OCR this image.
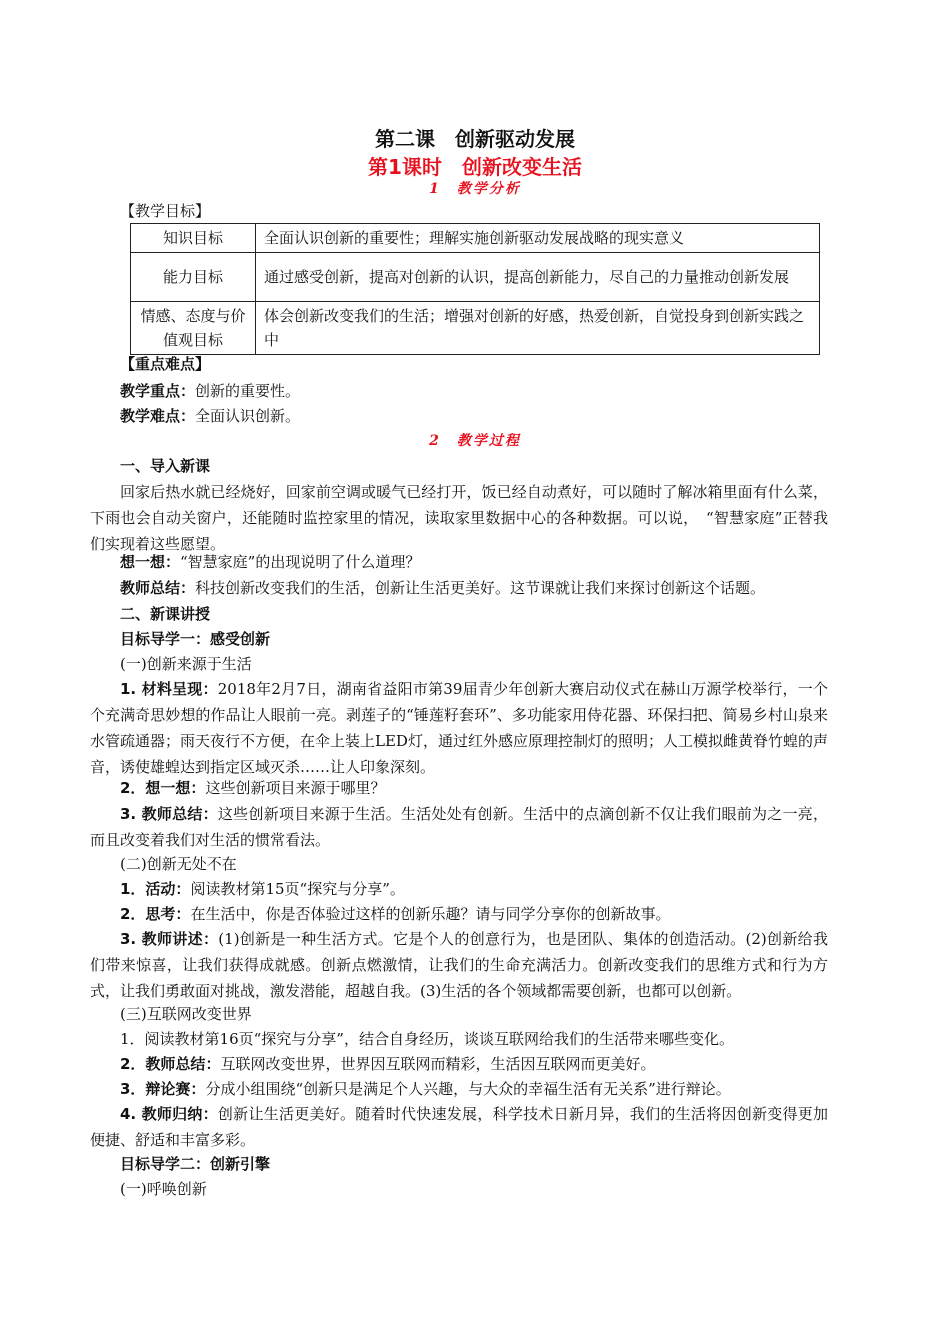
第二课　创新驱动发展
第1课时　创新改变生活
1　教学分析
【教学目标】
知识目标	全面认识创新的重要性；理解实施创新驱动发展战略的现实意义
能力目标	通过感受创新，提高对创新的认识，提高创新能力，尽自己的力量推动创新发展
情感、态度与价值观目标	体会创新改变我们的生活；增强对创新的好感，热爱创新，自觉投身到创新实践之中
【重点难点】
教学重点：创新的重要性。
教学难点：全面认识创新。
2　教学过程
一、导入新课
回家后热水就已经烧好，回家前空调或暖气已经打开，饭已经自动煮好，可以随时了解冰箱里面有什么菜，下雨也会自动关窗户，还能随时监控家里的情况，读取家里数据中心的各种数据。可以说，　“智慧家庭”正替我们实现着这些愿望。
想一想：“智慧家庭”的出现说明了什么道理？
教师总结：科技创新改变我们的生活，创新让生活更美好。这节课就让我们来探讨创新这个话题。
二、新课讲授
目标导学一：感受创新
(一)创新来源于生活
1. 材料呈现：2018年2月7日，湖南省益阳市第39届青少年创新大赛启动仪式在赫山万源学校举行，一个个充满奇思妙想的作品让人眼前一亮。剥莲子的“锤莲籽套环”、多功能家用侍花器、环保扫把、简易乡村山泉来水管疏通器；雨天夜行不方便，在伞上装上LED灯，通过红外感应原理控制灯的照明；人工模拟雌黄脊竹蝗的声音，诱使雄蝗达到指定区域灭杀……让人印象深刻。
2．想一想：这些创新项目来源于哪里？
3. 教师总结：这些创新项目来源于生活。生活处处有创新。生活中的点滴创新不仅让我们眼前为之一亮，而且改变着我们对生活的惯常看法。
(二)创新无处不在
1．活动：阅读教材第15页“探究与分享”。
2．思考：在生活中，你是否体验过这样的创新乐趣？请与同学分享你的创新故事。
3. 教师讲述：(1)创新是一种生活方式。它是个人的创意行为，也是团队、集体的创造活动。(2)创新给我们带来惊喜，让我们获得成就感。创新点燃激情，让我们的生命充满活力。创新改变我们的思维方式和行为方式，让我们勇敢面对挑战，激发潜能，超越自我。(3)生活的各个领域都需要创新，也都可以创新。
(三)互联网改变世界
1．阅读教材第16页“探究与分享”，结合自身经历，谈谈互联网给我们的生活带来哪些变化。
2．教师总结：互联网改变世界，世界因互联网而精彩，生活因互联网而更美好。
3．辩论赛：分成小组围绕“创新只是满足个人兴趣，与大众的幸福生活有无关系”进行辩论。
4. 教师归纳：创新让生活更美好。随着时代快速发展，科学技术日新月异，我们的生活将因创新变得更加便捷、舒适和丰富多彩。
目标导学二：创新引擎
(一)呼唤创新
